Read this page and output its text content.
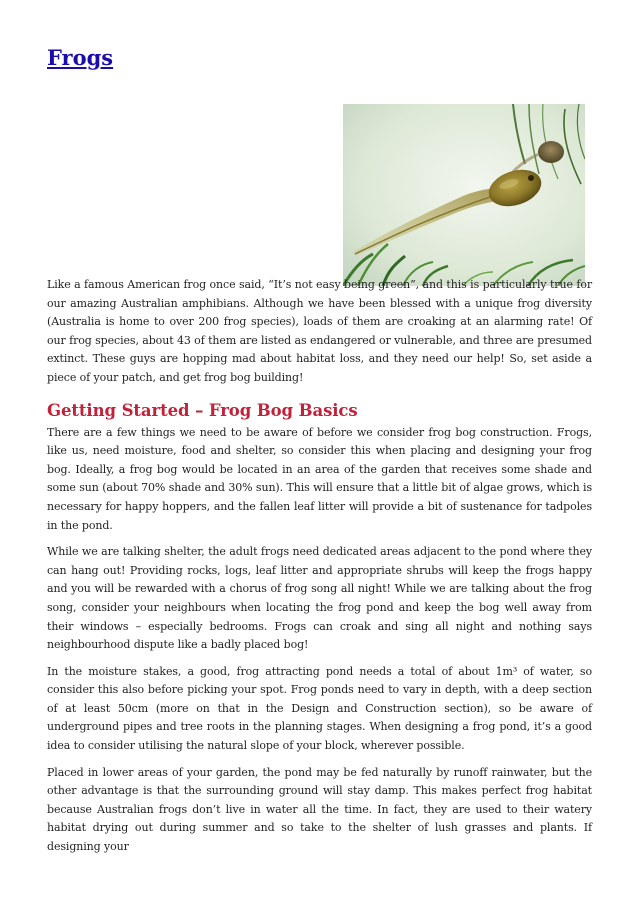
Frogs

Like a famous American frog once said, “It’s not easy being green”, and this is particularly true for our amazing Australian amphibians. Although we have been blessed with a unique frog diversity (Australia is home to over 200 frog species), loads of them are croaking at an alarming rate! Of our frog species, about 43 of them are listed as endangered or vulnerable, and three are presumed extinct. These guys are hopping mad about habitat loss, and they need our help! So, set aside a piece of your patch, and get frog bog building!

Getting Started – Frog Bog Basics

There are a few things we need to be aware of before we consider frog bog construction. Frogs, like us, need moisture, food and shelter, so consider this when placing and designing your frog bog. Ideally, a frog bog would be located in an area of the garden that receives some shade and some sun (about 70% shade and 30% sun). This will ensure that a little bit of algae grows, which is necessary for happy hoppers, and the fallen leaf litter will provide a bit of sustenance for tadpoles in the pond.

While we are talking shelter, the adult frogs need dedicated areas adjacent to the pond where they can hang out! Providing rocks, logs, leaf litter and appropriate shrubs will keep the frogs happy and you will be rewarded with a chorus of frog song all night! While we are talking about the frog song, consider your neighbours when locating the frog pond and keep the bog well away from their windows – especially bedrooms. Frogs can croak and sing all night and nothing says neighbourhood dispute like a badly placed bog!

In the moisture stakes, a good, frog attracting pond needs a total of about 1m³ of water, so consider this also before picking your spot. Frog ponds need to vary in depth, with a deep section of at least 50cm (more on that in the Design and Construction section), so be aware of underground pipes and tree roots in the planning stages. When designing a frog pond, it’s a good idea to consider utilising the natural slope of your block, wherever possible.

Placed in lower areas of your garden, the pond may be fed naturally by runoff rainwater, but the other advantage is that the surrounding ground will stay damp. This makes perfect frog habitat because Australian frogs don’t live in water all the time. In fact, they are used to their watery habitat drying out during summer and so take to the shelter of lush grasses and plants. If designing your
